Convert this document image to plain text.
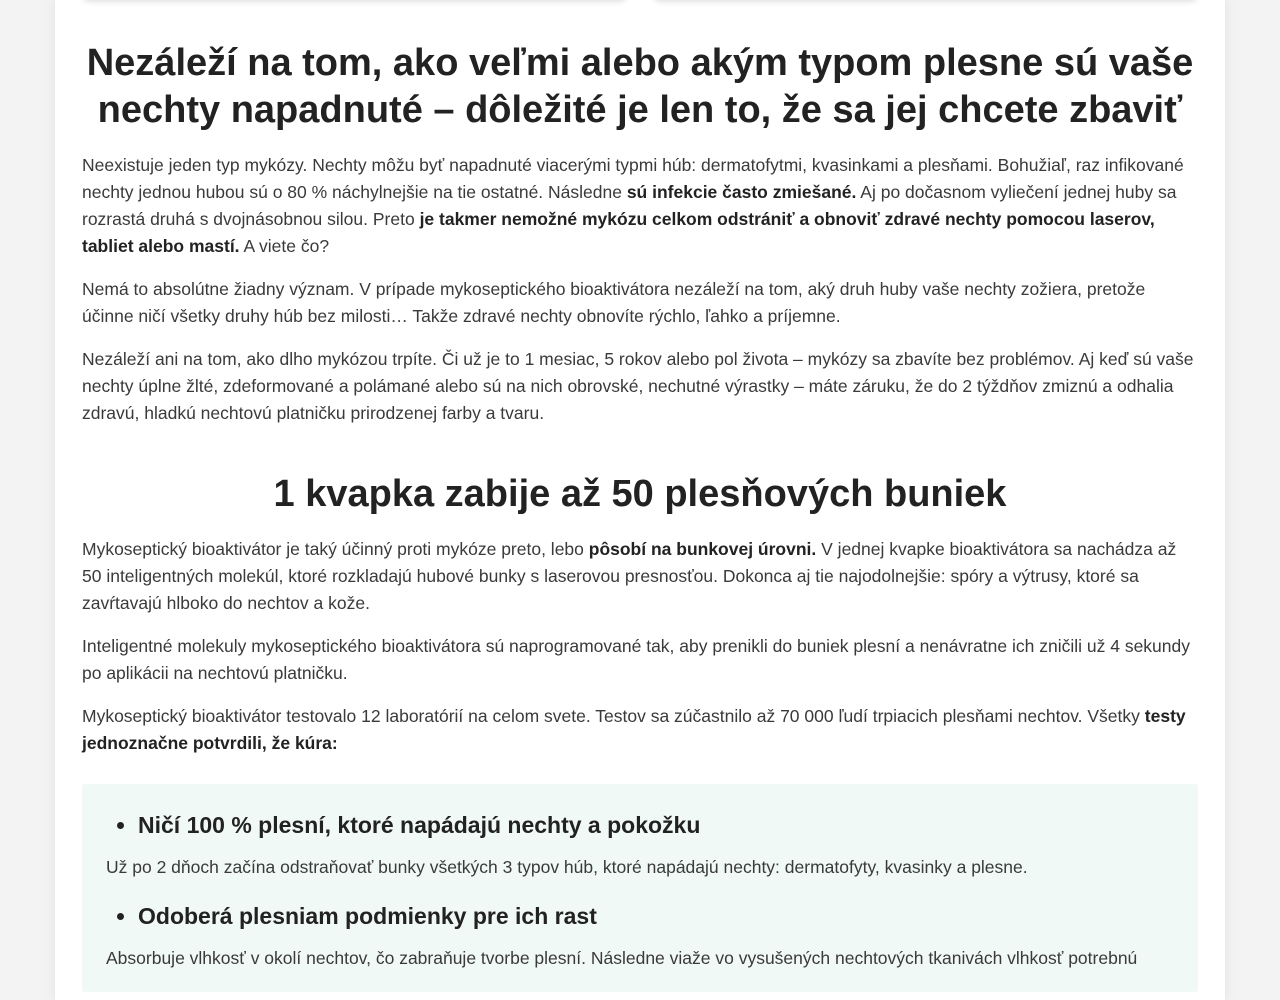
Nezáleží na tom, ako veľmi alebo akým typom plesne sú vaše nechty napadnuté – dôležité je len to, že sa jej chcete zbaviť

Neexistuje jeden typ mykózy. Nechty môžu byť napadnuté viacerými typmi húb: dermatofytmi, kvasinkami a plesňami. Bohužiaľ, raz infikované nechty jednou hubou sú o 80 % náchylnejšie na tie ostatné. Následne sú infekcie často zmiešané. Aj po dočasnom vyliečení jednej huby sa rozrastá druhá s dvojnásobnou silou. Preto je takmer nemožné mykózu celkom odstrániť a obnoviť zdravé nechty pomocou laserov, tabliet alebo mastí. A viete čo?

Nemá to absolútne žiadny význam. V prípade mykoseptického bioaktivátora nezáleží na tom, aký druh huby vaše nechty zožiera, pretože účinne ničí všetky druhy húb bez milosti… Takže zdravé nechty obnovíte rýchlo, ľahko a príjemne.

Nezáleží ani na tom, ako dlho mykózou trpíte. Či už je to 1 mesiac, 5 rokov alebo pol života – mykózy sa zbavíte bez problémov. Aj keď sú vaše nechty úplne žlté, zdeformované a polámané alebo sú na nich obrovské, nechutné výrastky – máte záruku, že do 2 týždňov zmiznú a odhalia zdravú, hladkú nechtovú platničku prirodzenej farby a tvaru.

1 kvapka zabije až 50 plesňových buniek

Mykoseptický bioaktivátor je taký účinný proti mykóze preto, lebo pôsobí na bunkovej úrovni. V jednej kvapke bioaktivátora sa nachádza až 50 inteligentných molekúl, ktoré rozkladajú hubové bunky s laserovou presnosťou. Dokonca aj tie najodolnejšie: spóry a výtrusy, ktoré sa zavŕtavajú hlboko do nechtov a kože.

Inteligentné molekuly mykoseptického bioaktivátora sú naprogramované tak, aby prenikli do buniek plesní a nenávratne ich zničili už 4 sekundy po aplikácii na nechtovú platničku.

Mykoseptický bioaktivátor testovalo 12 laboratórií na celom svete. Testov sa zúčastnilo až 70 000 ľudí trpiacich plesňami nechtov. Všetky testy jednoznačne potvrdili, že kúra:

Ničí 100 % plesní, ktoré napádajú nechty a pokožku

Už po 2 dňoch začína odstraňovať bunky všetkých 3 typov húb, ktoré napádajú nechty: dermatofyty, kvasinky a plesne.

Odoberá plesniam podmienky pre ich rast

Absorbuje vlhkosť v okolí nechtov, čo zabraňuje tvorbe plesní. Následne viaže vo vysušených nechtových tkanivách vlhkosť potrebnú
